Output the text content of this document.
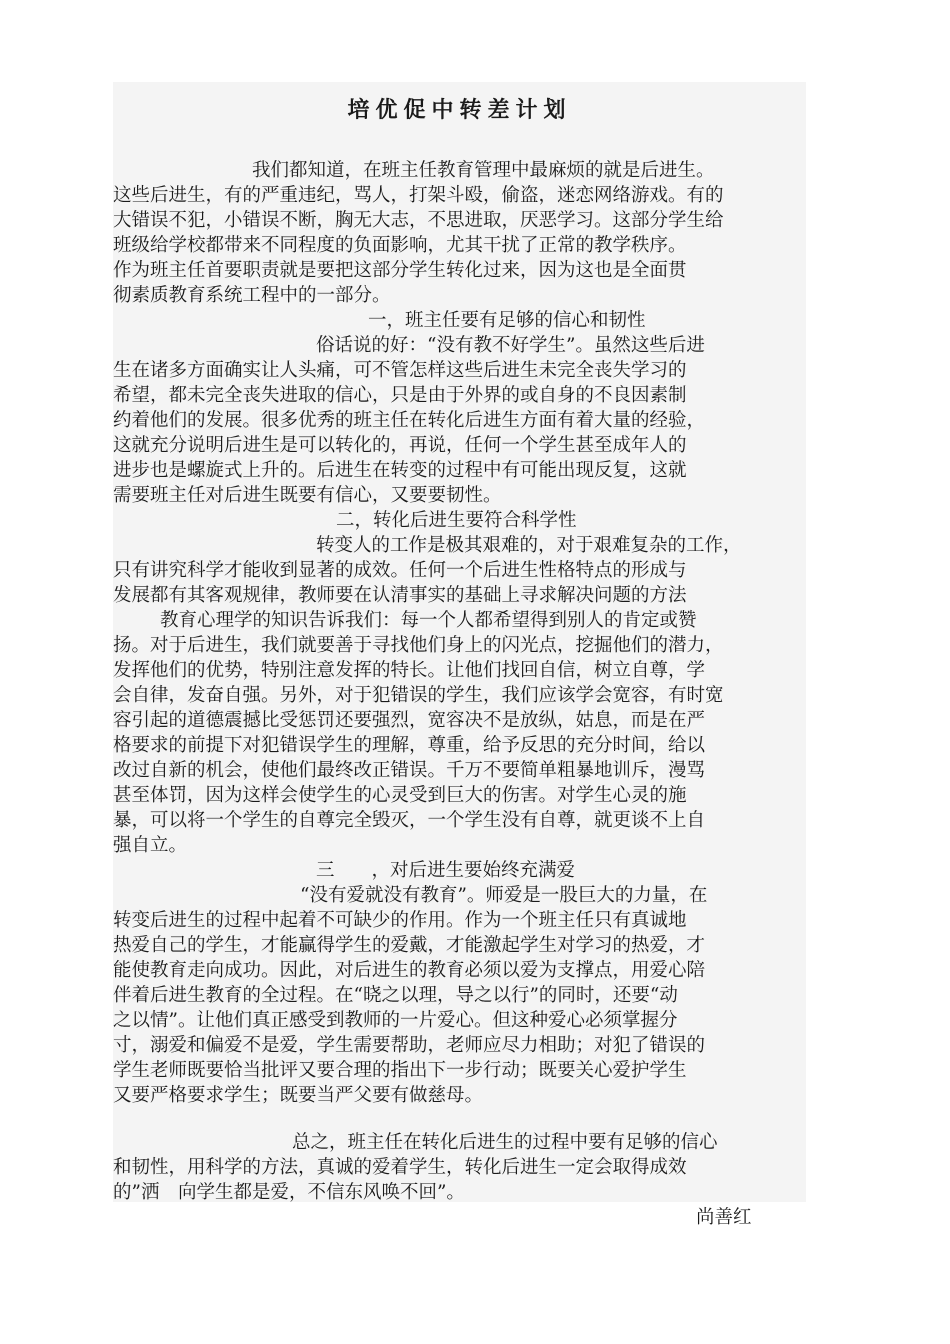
培优促中转差计划
我们都知道，在班主任教育管理中最麻烦的就是后进生。
这些后进生，有的严重违纪，骂人，打架斗殴，偷盗，迷恋网络游戏。有的
大错误不犯，小错误不断，胸无大志，不思进取，厌恶学习。这部分学生给
班级给学校都带来不同程度的负面影响，尤其干扰了正常的教学秩序。
作为班主任首要职责就是要把这部分学生转化过来，因为这也是全面贯
彻素质教育系统工程中的一部分。
一，班主任要有足够的信心和韧性
俗话说的好：“没有教不好学生”。虽然这些后进
生在诸多方面确实让人头痛，可不管怎样这些后进生未完全丧失学习的
希望，都未完全丧失进取的信心，只是由于外界的或自身的不良因素制
约着他们的发展。很多优秀的班主任在转化后进生方面有着大量的经验，
这就充分说明后进生是可以转化的，再说，任何一个学生甚至成年人的
进步也是螺旋式上升的。后进生在转变的过程中有可能出现反复，这就
需要班主任对后进生既要有信心，又要要韧性。
二，转化后进生要符合科学性
转变人的工作是极其艰难的，对于艰难复杂的工作，
只有讲究科学才能收到显著的成效。任何一个后进生性格特点的形成与
发展都有其客观规律，教师要在认清事实的基础上寻求解决问题的方法
教育心理学的知识告诉我们：每一个人都希望得到别人的肯定或赞
扬。对于后进生，我们就要善于寻找他们身上的闪光点，挖掘他们的潜力，
发挥他们的优势，特别注意发挥的特长。让他们找回自信，树立自尊，学
会自律，发奋自强。另外，对于犯错误的学生，我们应该学会宽容，有时宽
容引起的道德震撼比受惩罚还要强烈，宽容决不是放纵，姑息，而是在严
格要求的前提下对犯错误学生的理解，尊重，给予反思的充分时间，给以
改过自新的机会，使他们最终改正错误。千万不要简单粗暴地训斥，漫骂
甚至体罚，因为这样会使学生的心灵受到巨大的伤害。对学生心灵的施
暴，可以将一个学生的自尊完全毁灭，一个学生没有自尊，就更谈不上自
强自立。
三　　，对后进生要始终充满爱
“没有爱就没有教育”。师爱是一股巨大的力量，在
转变后进生的过程中起着不可缺少的作用。作为一个班主任只有真诚地
热爱自己的学生，才能赢得学生的爱戴，才能激起学生对学习的热爱，才
能使教育走向成功。因此，对后进生的教育必须以爱为支撑点，用爱心陪
伴着后进生教育的全过程。在“晓之以理，导之以行”的同时，还要“动
之以情”。让他们真正感受到教师的一片爱心。但这种爱心必须掌握分
寸，溺爱和偏爱不是爱，学生需要帮助，老师应尽力相助；对犯了错误的
学生老师既要恰当批评又要合理的指出下一步行动；既要关心爱护学生
又要严格要求学生；既要当严父要有做慈母。
总之，班主任在转化后进生的过程中要有足够的信心
和韧性，用科学的方法，真诚的爱着学生，转化后进生一定会取得成效
的”洒　向学生都是爱，不信东风唤不回”。
尚善红
